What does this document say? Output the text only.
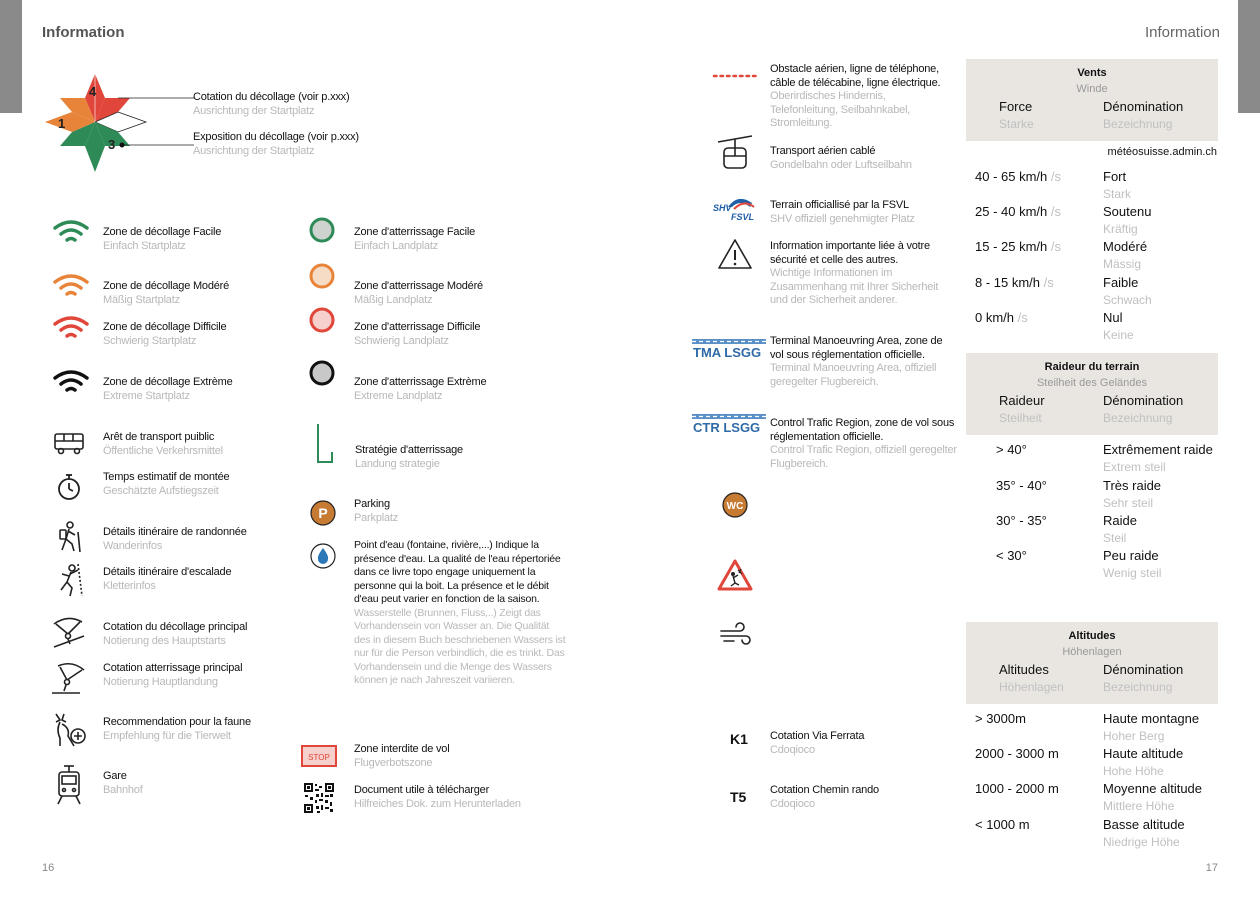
Information	Information
16	17
4
1
3
Cotation du décollage (voir p.xxx)
Ausrichtung der Startplatz
Exposition du décollage (voir p.xxx)
Ausrichtung der Startplatz
Zone de décollage Facile
Einfach Startplatz
Zone de décollage Modéré
Mäßig Startplatz
Zone de décollage Difficile
Schwierig Startplatz
Zone de décollage Extrème
Extreme Startplatz
Arêt de transport puiblic
Öffentliche Verkehrsmittel
Temps estimatif de montée
Geschätzte Aufstiegszeit
Détails itinéraire de randonnée
Wanderinfos
Détails itinéraire d'escalade
Kletterinfos
Cotation du décollage principal
Notierung des Hauptstarts
Cotation atterrissage principal
Notierung Hauptlandung
Recommendation pour la faune
Empfehlung für die Tierwelt
Gare
Bahnhof
P
STOP
Zone d'atterrissage Facile
Einfach Landplatz
Zone d'atterrissage Modéré
Mäßig Landplatz
Zone d'atterrissage Difficile
Schwierig Landplatz
Zone d'atterrissage Extrème
Extreme Landplatz
Stratégie d'atterrissage
Landung strategie
Parking
Parkplatz
Point d'eau (fontaine, rivière,...) Indique la présence d'eau. La qualité de l'eau répertoriée dans ce livre topo engage uniquement la personne qui la boit. La présence et le débit d'eau peut varier en fonction de la saison.
Wasserstelle (Brunnen, Fluss,..) Zeigt das Vorhandensein von Wasser an. Die Qualität des in diesem Buch beschriebenen Wassers ist nur für die Person verbindlich, die es trinkt. Das Vorhandensein und die Menge des Wassers können je nach Jahreszeit variieren.
Zone interdite de vol
Flugverbotszone
Document utile à télécharger
Hilfreiches Dok. zum Herunterladen
SHV
FSVL
TMA LSGG
CTR LSGG
WC
K1
T5
Obstacle aérien, ligne de téléphone, câble de télécabine, ligne électrique.
Oberirdisches Hindernis, Telefonleitung, Seilbahnkabel, Stromleitung.
Transport aérien cablé
Gondelbahn oder Luftseilbahn
Terrain officiallisé par la FSVL
SHV offiziell genehmigter Platz
Information importante liée à votre sécurité et celle des autres.
Wichtige Informationen im Zusammenhang mit Ihrer Sicherheit und der Sicherheit anderer.
Terminal Manoeuvring Area, zone de vol sous réglementation officielle.
Terminal Manoeuvring Area, offiziell geregelter Flugbereich.
Control Trafic Region, zone de vol sous réglementation officielle.
Control Trafic Region, offiziell geregelter Flugbereich.
Cotation Via Ferrata
Cdoqioco
Cotation Chemin rando
Cdoqioco
Vents
Winde
Force	Dénomination
Starke	Bezeichnung
météosuisse.admin.ch
40 - 65 km/h /s	Fort
Stark
25 - 40 km/h /s	Soutenu
Kräftig
15 - 25 km/h /s	Modéré
Mässig
8 - 15 km/h /s	Faible
Schwach
0 km/h /s	Nul
Keine
Raideur du terrain
Steilheit des Geländes
Raideur	Dénomination
Steilheit	Bezeichnung
> 40°	Extrêmement raide
Extrem steil
35° - 40°	Très raide
Sehr steil
30° - 35°	Raide
Steil
< 30°	Peu raide
Wenig steil
Altitudes
Höhenlagen
Altitudes	Dénomination
Höhenlagen	Bezeichnung
> 3000m	Haute montagne
Hoher Berg
2000 - 3000 m	Haute altitude
Hohe Höhe
1000 - 2000 m	Moyenne altitude
Mittlere Höhe
< 1000 m	Basse altitude
Niedrige Höhe
